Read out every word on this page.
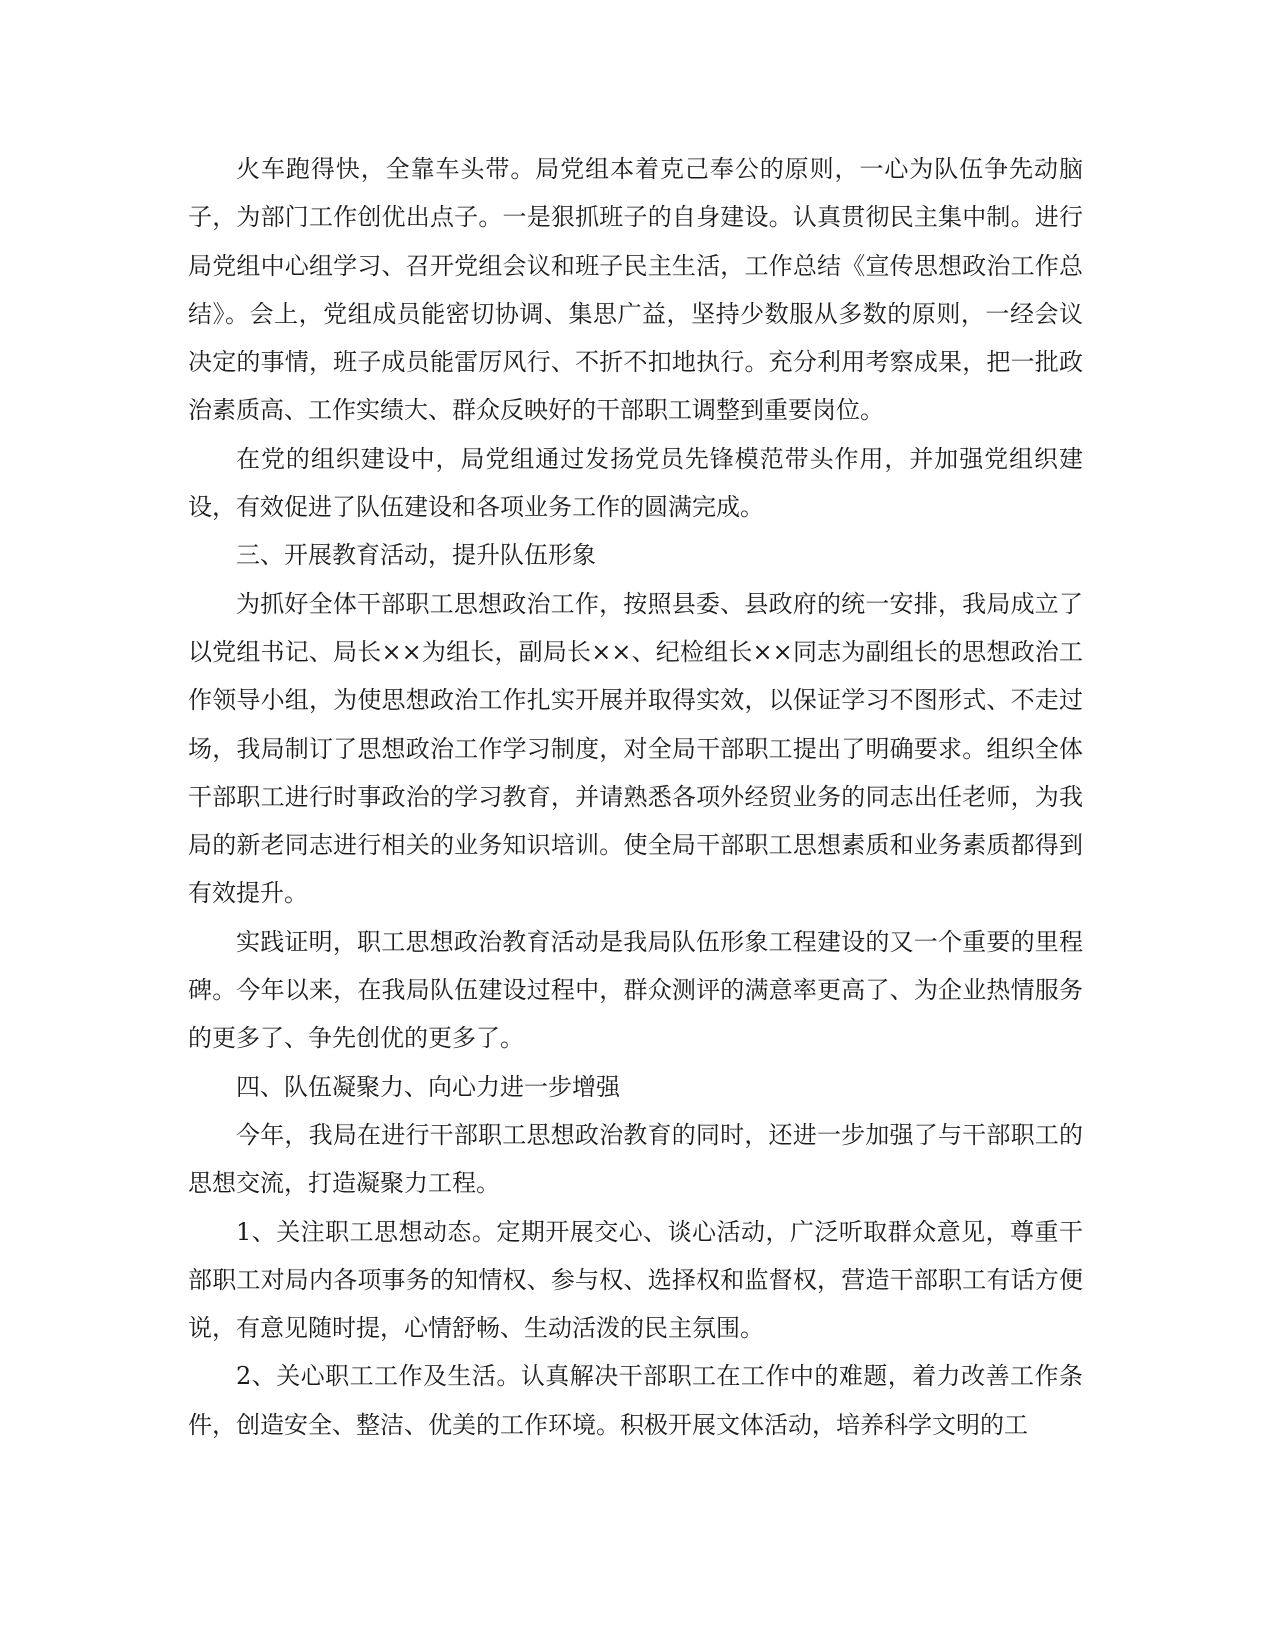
火车跑得快，全靠车头带。局党组本着克己奉公的原则，一心为队伍争先动脑子，为部门工作创优出点子。一是狠抓班子的自身建设。认真贯彻民主集中制。进行局党组中心组学习、召开党组会议和班子民主生活，工作总结《宣传思想政治工作总结》。会上，党组成员能密切协调、集思广益，坚持少数服从多数的原则，一经会议决定的事情，班子成员能雷厉风行、不折不扣地执行。充分利用考察成果，把一批政治素质高、工作实绩大、群众反映好的干部职工调整到重要岗位。

在党的组织建设中，局党组通过发扬党员先锋模范带头作用，并加强党组织建设，有效促进了队伍建设和各项业务工作的圆满完成。

三、开展教育活动，提升队伍形象

为抓好全体干部职工思想政治工作，按照县委、县政府的统一安排，我局成立了以党组书记、局长××为组长，副局长××、纪检组长××同志为副组长的思想政治工作领导小组，为使思想政治工作扎实开展并取得实效，以保证学习不图形式、不走过场，我局制订了思想政治工作学习制度，对全局干部职工提出了明确要求。组织全体干部职工进行时事政治的学习教育，并请熟悉各项外经贸业务的同志出任老师，为我局的新老同志进行相关的业务知识培训。使全局干部职工思想素质和业务素质都得到有效提升。

实践证明，职工思想政治教育活动是我局队伍形象工程建设的又一个重要的里程碑。今年以来，在我局队伍建设过程中，群众测评的满意率更高了、为企业热情服务的更多了、争先创优的更多了。

四、队伍凝聚力、向心力进一步增强

今年，我局在进行干部职工思想政治教育的同时，还进一步加强了与干部职工的思想交流，打造凝聚力工程。

1、关注职工思想动态。定期开展交心、谈心活动，广泛听取群众意见，尊重干部职工对局内各项事务的知情权、参与权、选择权和监督权，营造干部职工有话方便说，有意见随时提，心情舒畅、生动活泼的民主氛围。

2、关心职工工作及生活。认真解决干部职工在工作中的难题，着力改善工作条件，创造安全、整洁、优美的工作环境。积极开展文体活动，培养科学文明的工
